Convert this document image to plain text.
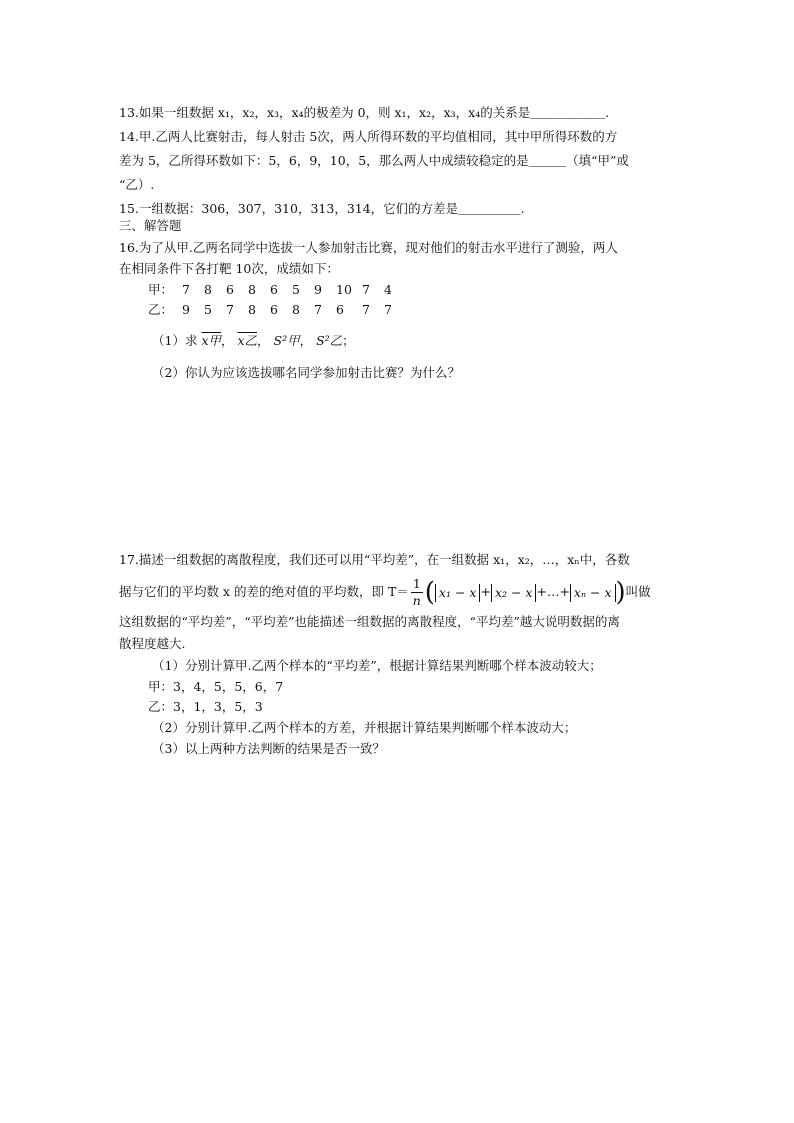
13.如果一组数据 x₁，x₂，x₃，x₄的极差为 0，则 x₁，x₂，x₃，x₄的关系是＿＿＿＿＿＿.
14.甲.乙两人比赛射击，每人射击 5次，两人所得环数的平均值相同，其中甲所得环数的方
差为 5，乙所得环数如下：5，6，9，10，5，那么两人中成绩较稳定的是＿＿＿（填“甲”或
“乙）.
15.一组数据：306，307，310，313，314，它们的方差是＿＿＿＿＿.
三、解答题
16.为了从甲.乙两名同学中选拔一人参加射击比赛，现对他们的射击水平进行了测验，两人
在相同条件下各打靶 10次，成绩如下：
甲： 7 8 6 8 6 5 9 10 7 4
乙： 9 5 7 8 6 8 7 6 7 7
（1）求 x甲， x乙， S²甲， S²乙；
（2）你认为应该选拔哪名同学参加射击比赛？为什么？
17.描述一组数据的离散程度，我们还可以用“平均差”，在一组数据 x₁，x₂，…，xₙ中，各数
据与它们的平均数 x 的差的绝对值的平均数，即 $T= \frac{1}{n}$ ( x₁ − x + x₂ − x +…+ xₙ − x )叫做
这组数据的“平均差”，“平均差”也能描述一组数据的离散程度，“平均差”越大说明数据的离
散程度越大.
（1）分别计算甲.乙两个样本的“平均差”，根据计算结果判断哪个样本波动较大；
甲：3，4，5，5，6，7
乙：3，1，3，5，3
（2）分别计算甲.乙两个样本的方差，并根据计算结果判断哪个样本波动大；
（3）以上两种方法判断的结果是否一致？
